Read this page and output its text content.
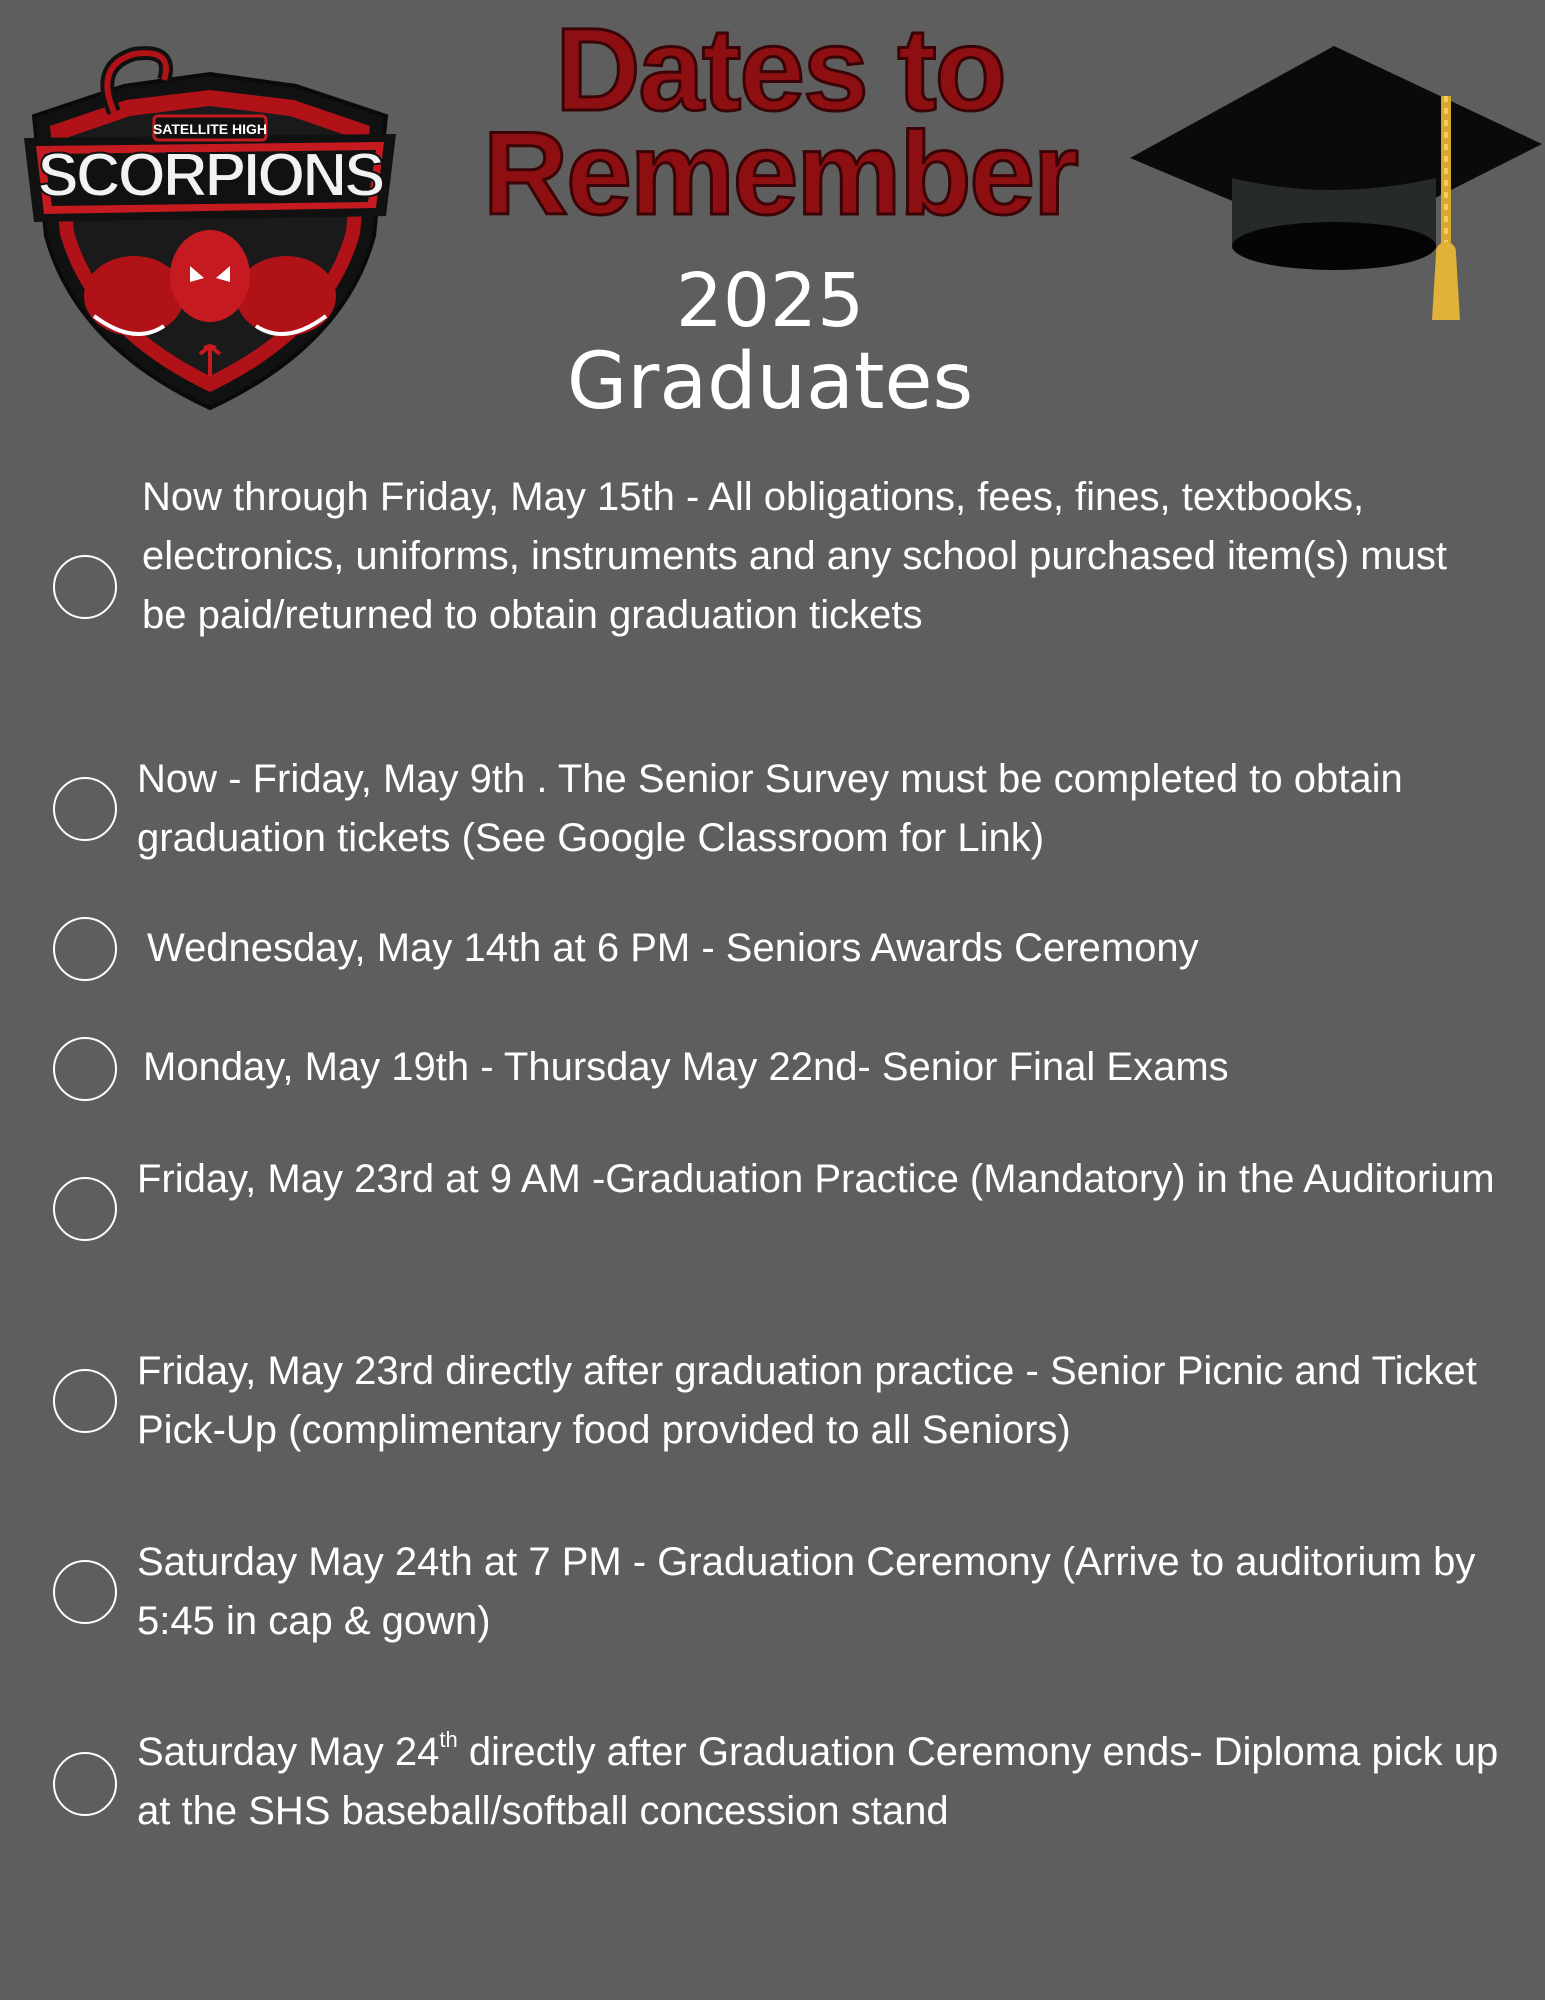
SATELLITE HIGH
SCORPIONS
Dates to
Remember
2025
Graduates
Now through Friday, May 15th - All obligations, fees, fines, textbooks, electronics, uniforms, instruments and any school purchased item(s) must be paid/returned to obtain graduation tickets
Now - Friday, May 9th . The Senior Survey must be completed to obtain graduation tickets (See Google Classroom for Link)
Wednesday, May 14th at 6 PM - Seniors Awards Ceremony
Monday, May 19th - Thursday May 22nd- Senior Final Exams
Friday, May 23rd at 9 AM -Graduation Practice (Mandatory) in the Auditorium
Friday, May 23rd directly after graduation practice - Senior Picnic and Ticket Pick-Up (complimentary food provided to all Seniors)
Saturday May 24th at 7 PM - Graduation Ceremony (Arrive to auditorium by 5:45 in cap & gown)
Saturday May 24th directly after Graduation Ceremony ends- Diploma pick up at the SHS baseball/softball concession stand
